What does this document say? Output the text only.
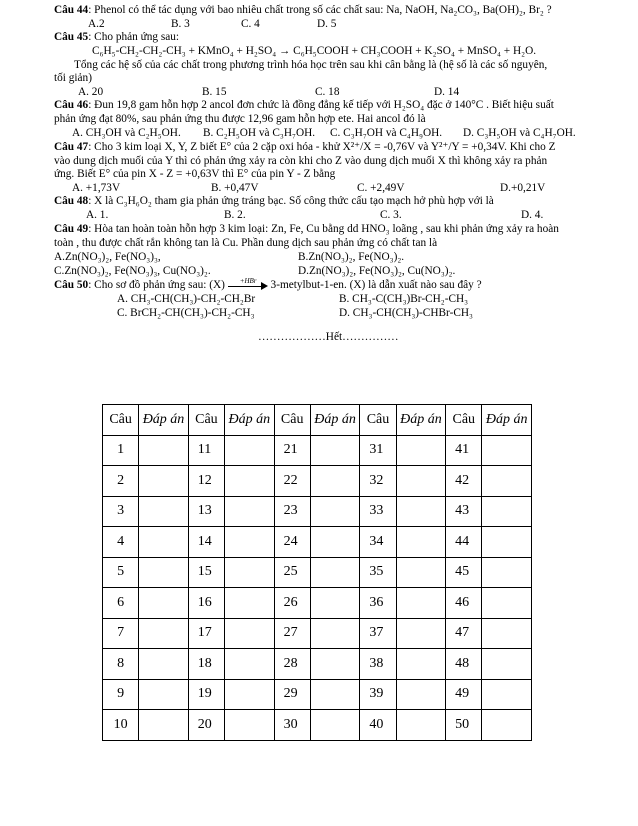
Câu 44: Phenol có thể tác dụng với bao nhiêu chất trong số các chất sau: Na, NaOH, Na₂CO₃, Ba(OH)₂, Br₂ ?
A.2	B. 3	C. 4	D. 5
Câu 45: Cho phản ứng sau:
C₆H₅-CH₂-CH₂-CH₃ + KMnO₄ + H₂SO₄ → C₆H₅COOH + CH₃COOH + K₂SO₄ + MnSO₄ + H₂O.
Tổng các hệ số của các chất trong phương trình hóa học trên sau khi cân bằng là (hệ số là các số nguyên,
tối giản)
A. 20	B. 15	C. 18	D. 14
Câu 46: Đun 19,8 gam hỗn hợp 2 ancol đơn chức là đồng đẳng kế tiếp với H₂SO₄ đặc ở 140°C . Biết hiệu suất
phản ứng đạt 80%, sau phản ứng thu được 12,96 gam hỗn hợp ete. Hai ancol đó là
A. CH₃OH và C₂H₅OH. B. C₂H₅OH và C₃H₇OH. C. C₃H₇OH và C₄H₉OH. D. C₃H₅OH và C₄H₇OH.
Câu 47: Cho 3 kim loại X, Y, Z biết E° của 2 cặp oxi hóa - khử X²⁺/X = -0,76V và Y²⁺/Y = +0,34V. Khi cho Z
vào dung dịch muối của Y thì có phản ứng xảy ra còn khi cho Z vào dung dịch muối X thì không xảy ra phản
ứng. Biết E° của pin X - Z = +0,63V thì E° của pin Y - Z bằng
A. +1,73V	B. +0,47V	C. +2,49V	D.+0,21V
Câu 48: X là C₃H₆O₂ tham gia phản ứng tráng bạc. Số công thức cấu tạo mạch hở phù hợp với là
A. 1.	B. 2.	C. 3.	D. 4.
Câu 49: Hòa tan hoàn toàn hỗn hợp 3 kim loại: Zn, Fe, Cu bằng dd HNO₃ loãng , sau khi phản ứng xảy ra hoàn
toàn , thu được chất rắn không tan là Cu. Phần dung dịch sau phản ứng có chất tan là
A.Zn(NO₃)₂, Fe(NO₃)₃,	B.Zn(NO₃)₂, Fe(NO₃)₂.
C.Zn(NO₃)₂, Fe(NO₃)₃, Cu(NO₃)₂.	D.Zn(NO₃)₂, Fe(NO₃)₂, Cu(NO₃)₂.
Câu 50: Cho sơ đồ phản ứng sau: (X) +HBr 3-metylbut-1-en. (X) là dẫn xuất nào sau đây ?
A. CH₃-CH(CH₃)-CH₂-CH₂Br	B. CH₃-C(CH₃)Br-CH₂-CH₃
C. BrCH₂-CH(CH₃)-CH₂-CH₃	D. CH₃-CH(CH₃)-CHBr-CH₃
………………Hết……………
Câu	Đáp án	Câu	Đáp án	Câu	Đáp án	Câu	Đáp án	Câu	Đáp án
1		11		21		31		41	
2		12		22		32		42	
3		13		23		33		43	
4		14		24		34		44	
5		15		25		35		45	
6		16		26		36		46	
7		17		27		37		47	
8		18		28		38		48	
9		19		29		39		49	
10		20		30		40		50	
